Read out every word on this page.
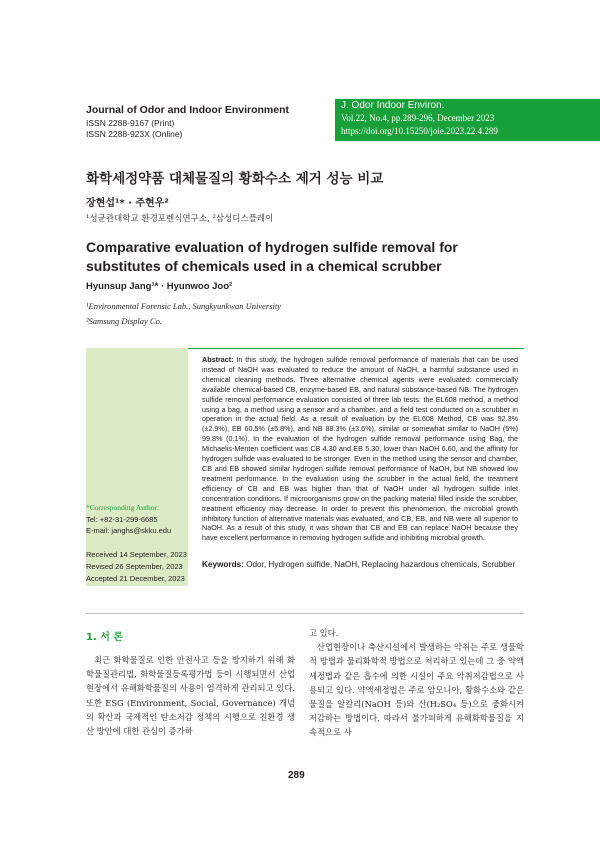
Journal of Odor and Indoor Environment
ISSN 2288-9167 (Print)
ISSN 2288-923X (Online)
J. Odor Indoor Environ.
Vol.22, No.4, pp.289-296, December 2023
https://doi.org/10.15250/joie.2023.22.4.289
화학세정약품 대체물질의 황화수소 제거 성능 비교
장현섭¹* · 주현우²
¹성균관대학교 환경포렌식연구소, ²삼성디스플레이
Comparative evaluation of hydrogen sulfide removal for substitutes of chemicals used in a chemical scrubber
Hyunsup Jang¹* · Hyunwoo Joo²
¹Environmental Forensic Lab., Sungkyunkwan University
²Samsung Display Co.
Abstract: In this study, the hydrogen sulfide removal performance of materials that can be used instead of NaOH was evaluated to reduce the amount of NaOH, a harmful substance used in chemical cleaning methods. Three alternative chemical agents were evaluated: commercially available chemical-based CB, enzyme-based EB, and natural substance-based NB. The hydrogen sulfide removal performance evaluation consisted of three lab tests: the EL608 method, a method using a bag, a method using a sensor and a chamber, and a field test conducted on a scrubber in operation in the actual field. As a result of evaluation by the EL608 Method, CB was 92.3% (±2.9%), EB 60.5% (±5.8%), and NB 88.3% (±3.6%), similar or somewhat similar to NaOH (5%) 99.8% (0.1%). In the evaluation of the hydrogen sulfide removal performance using Bag, the Michaelis-Menten coefficient was CB 4.30 and EB 5.30, lower than NaOH 6.60, and the affinity for hydrogen sulfide was evaluated to be stronger. Even in the method using the sensor and chamber, CB and EB showed similar hydrogen sulfide removal performance of NaOH, but NB showed low treatment performance. In the evaluation using the scrubber in the actual field, the treatment efficiency of CB and EB was higher than that of NaOH under all hydrogen sulfide inlet concentration conditions. If microorganisms grow on the packing material filled inside the scrubber, treatment efficiency may decrease. In order to prevent this phenomenon, the microbial growth inhibitory function of alternative materials was evaluated, and CB, EB, and NB were all superior to NaOH. As a result of this study, it was shown that CB and EB can replace NaOH because they have excellent performance in removing hydrogen sulfide and inhibiting microbial growth.
Keywords: Odor, Hydrogen sulfide, NaOH, Replacing hazardous chemicals, Scrubber
*Corresponding Author:
Tel: +82-31-299-6685
E-mail: janghs@skku.edu
Received 14 September, 2023
Revised 26 September, 2023
Accepted 21 December, 2023
1. 서 론

최근 화학물질로 인한 안전사고 등을 방지하기 위해 화학물질관리법, 화학물질등록평가법 등이 시행되면서 산업현장에서 유해화학물질의 사용이 엄격하게 관리되고 있다. 또한 ESG (Environment, Social, Governance) 개념의 확산과 국제적인 탄소저감 정책의 시행으로 친환경 생산 방안에 대한 관심이 증가하

고 있다.

산업현장이나 축산시설에서 발생하는 악취는 주로 생물학적 방법과 물리화학적 방법으로 처리하고 있는데 그 중 약액세정법과 같은 흡수에 의한 시설이 주요 악취저감법으로 사용되고 있다. 약액세정법은 주로 암모니아, 황화수소와 같은 물질을 알칼리(NaOH 등)와 산(H₂SO₄ 등)으로 중화시켜 저감하는 방법이다. 따라서 불가피하게 유해화학물질을 지속적으로 사

289
